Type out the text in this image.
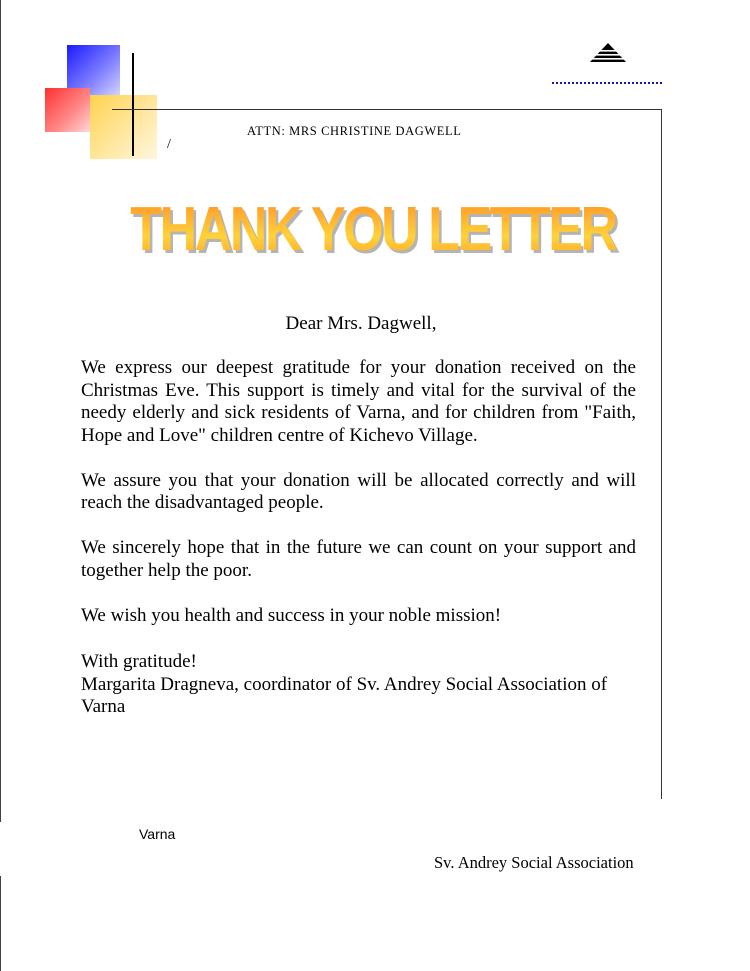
/
ATTN: MRS CHRISTINE DAGWELL
THANK YOU LETTER
Dear Mrs. Dagwell,

We express our deepest gratitude for your donation received on the Christmas Eve. This support is timely and vital for the survival of the needy elderly and sick residents of Varna, and for children from "Faith, Hope and Love" children centre of Kichevo Village.

We assure you that your donation will be allocated correctly and will reach the disadvantaged people.

We sincerely hope that in the future we can count on your support and together help the poor.

We wish you health and success in your noble mission!

With gratitude!
Margarita Dragneva, coordinator of Sv. Andrey Social Association of Varna
Varna
Sv. Andrey Social Association
